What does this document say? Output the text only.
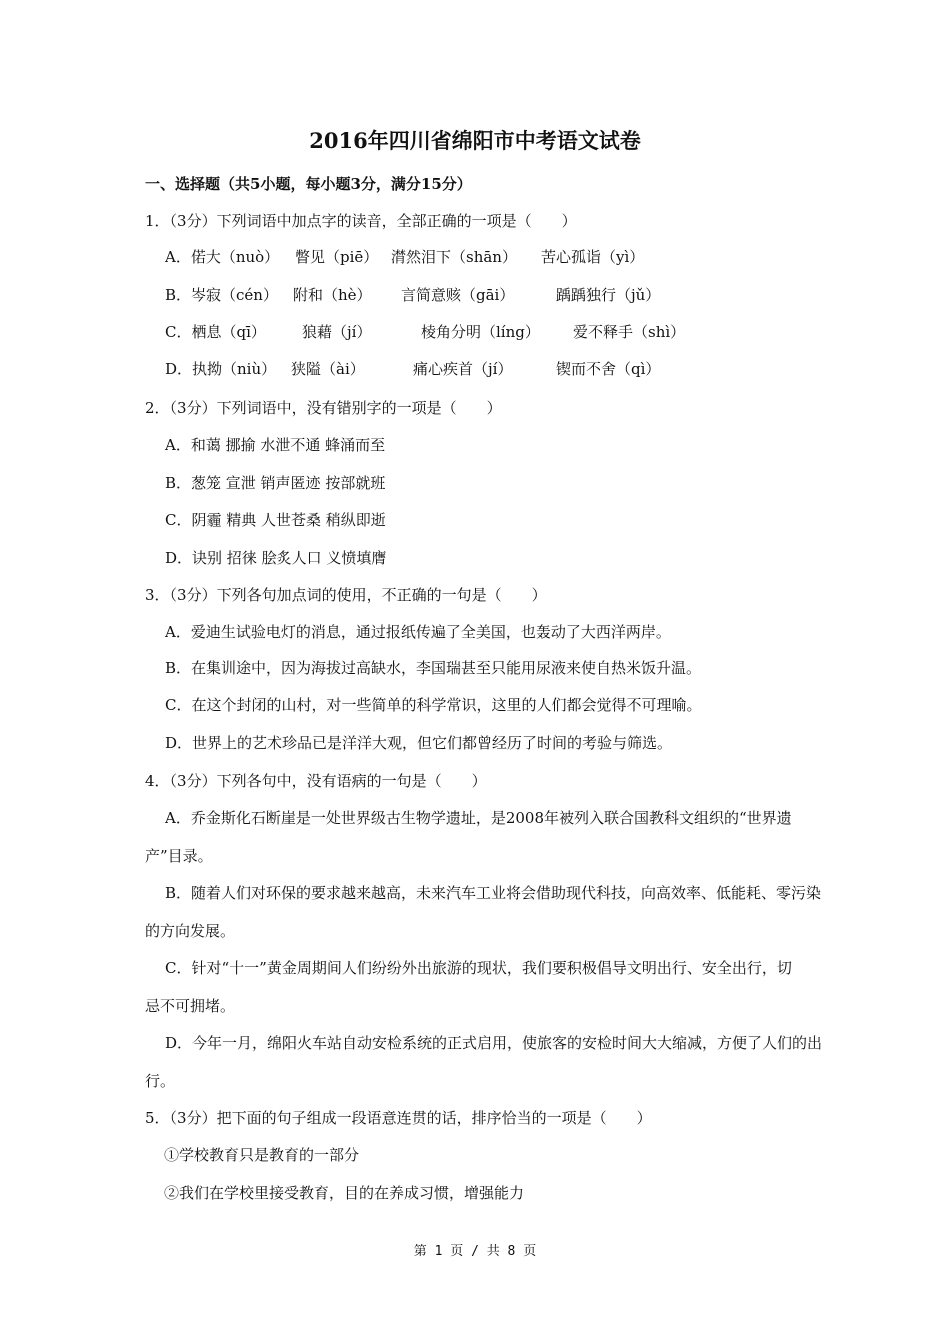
2016年四川省绵阳市中考语文试卷
一、选择题（共5小题，每小题3分，满分15分）
1．（3分）下列词语中加点字的读音，全部正确的一项是（　　）
A．偌大（nuò） 瞥见（piē） 潸然泪下（shān） 苦心孤诣（yì）
B．岑寂（cén） 附和（hè） 言简意赅（gāi）	踽踽独行（jǔ）
C．栖息（qī） 狼藉（jí）	棱角分明（líng） 爱不释手（shì）
D．执拗（niù） 狭隘（ài）	痛心疾首（jí）	锲而不舍（qì）
2．（3分）下列词语中，没有错别字的一项是（　　）
A．和蔼 挪揄 水泄不通 蜂涌而至
B．葱笼 宣泄 销声匿迹 按部就班
C．阴霾 精典 人世苍桑 稍纵即逝
D．诀别 招徕 脍炙人口 义愤填膺
3．（3分）下列各句加点词的使用，不正确的一句是（　　）
A．爱迪生试验电灯的消息，通过报纸传遍了全美国，也轰动了大西洋两岸。
B．在集训途中，因为海拔过高缺水，李国瑞甚至只能用尿液来使自热米饭升温。
C．在这个封闭的山村，对一些简单的科学常识，这里的人们都会觉得不可理喻。
D．世界上的艺术珍品已是洋洋大观，但它们都曾经历了时间的考验与筛选。
4．（3分）下列各句中，没有语病的一句是（　　）
A．乔金斯化石断崖是一处世界级古生物学遗址，是2008年被列入联合国教科文组织的“世界遗
产”目录。
B．随着人们对环保的要求越来越高，未来汽车工业将会借助现代科技，向高效率、低能耗、零污染
的方向发展。
C．针对“十一”黄金周期间人们纷纷外出旅游的现状，我们要积极倡导文明出行、安全出行，切
忌不可拥堵。
D．今年一月，绵阳火车站自动安检系统的正式启用，使旅客的安检时间大大缩减，方便了人们的出
行。
5．（3分）把下面的句子组成一段语意连贯的话，排序恰当的一项是（　　）
①学校教育只是教育的一部分
②我们在学校里接受教育，目的在养成习惯，增强能力
第 1 页 / 共 8 页
